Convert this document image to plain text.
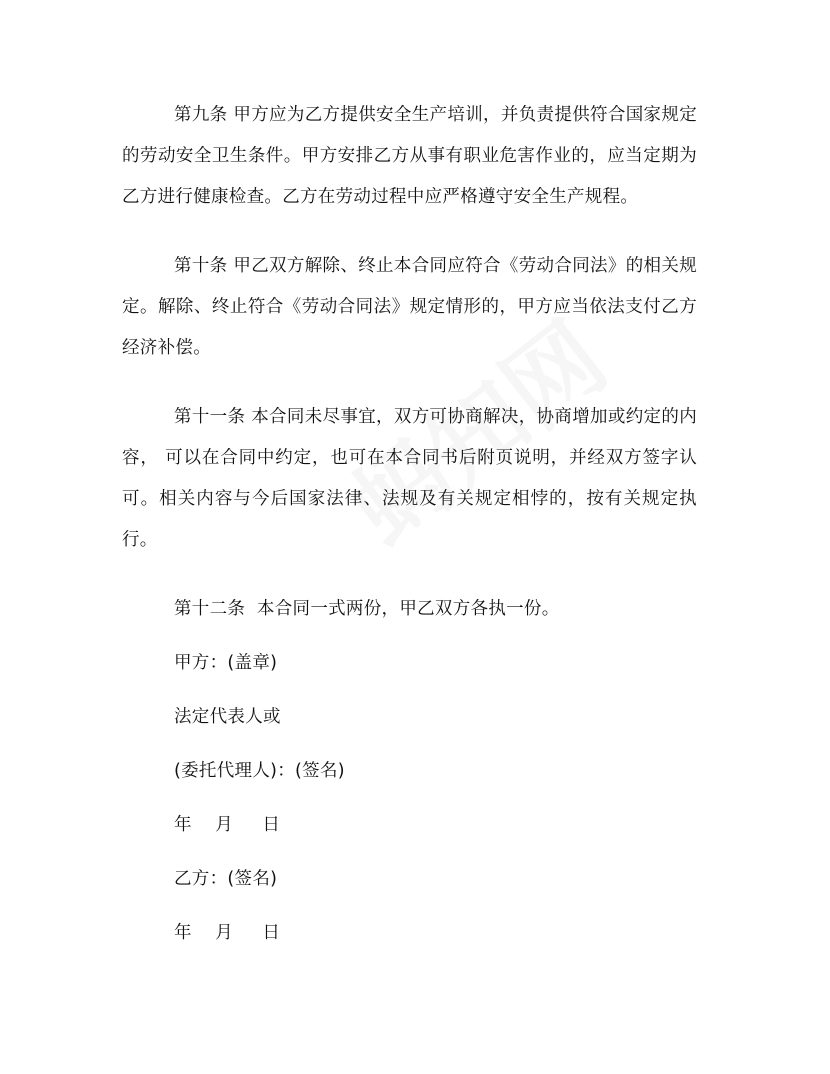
第九条 甲方应为乙方提供安全生产培训，并负责提供符合国家规定的劳动安全卫生条件。甲方安排乙方从事有职业危害作业的，应当定期为乙方进行健康检查。乙方在劳动过程中应严格遵守安全生产规程。

第十条 甲乙双方解除、终止本合同应符合《劳动合同法》的相关规定。解除、终止符合《劳动合同法》规定情形的，甲方应当依法支付乙方经济补偿。

第十一条 本合同未尽事宜，双方可协商解决，协商增加或约定的内容， 可以在合同中约定，也可在本合同书后附页说明，并经双方签字认可。相关内容与今后国家法律、法规及有关规定相悖的，按有关规定执行。

第十二条  本合同一式两份，甲乙双方各执一份。
甲方：(盖章)
法定代表人或
(委托代理人)：(签名)
年    月     日
乙方：(签名)
年    月     日
